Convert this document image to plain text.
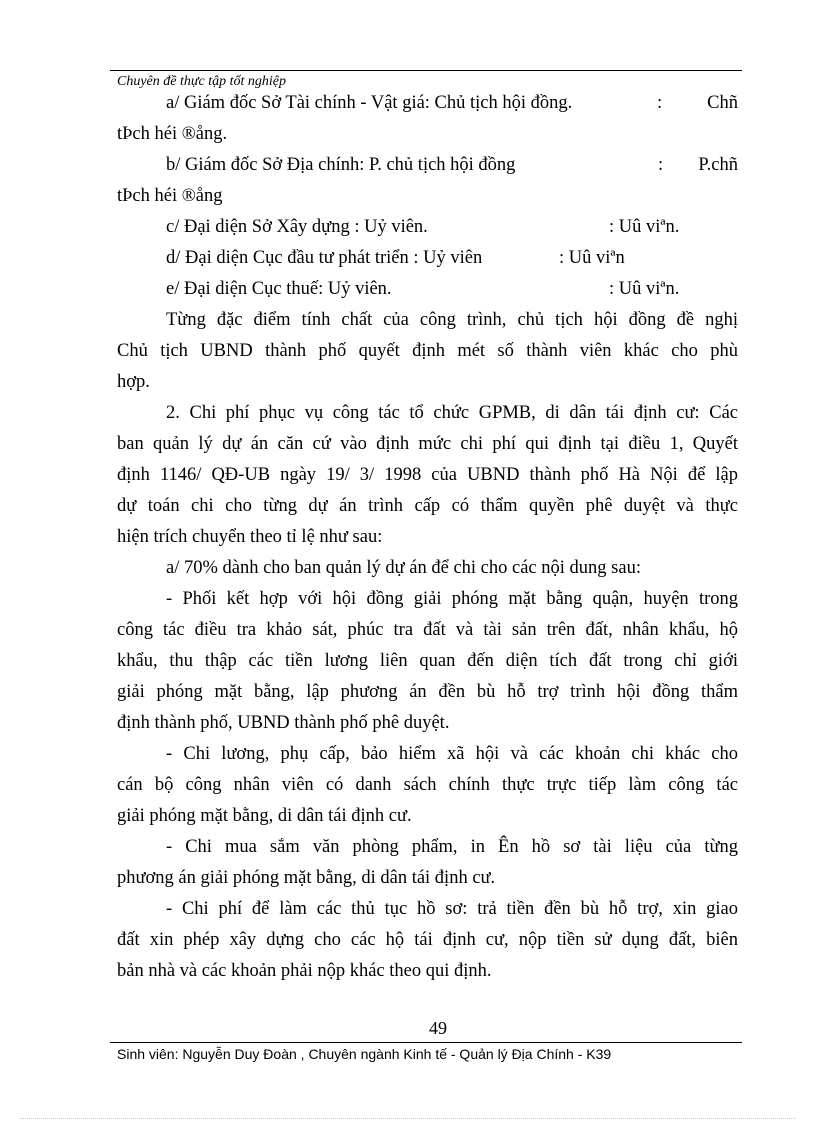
Chuyên đề thực tập tốt nghiệp
a/ Giám đốc Sở Tài chính - Vật giá: Chủ tịch hội đồng.	: Chñ
tÞch héi ®ång.
b/ Giám đốc Sở Địa chính: P. chủ tịch hội đồng	: P.chñ
tÞch héi ®ång
c/ Đại diện Sở Xây dựng : Uỷ viên.	: Uû viªn.
d/ Đại diện Cục đầu tư phát triển : Uỷ viên	: Uû viªn
e/ Đại diện Cục thuế: Uỷ viên.	: Uû viªn.
Từng đặc điểm tính chất của công trình, chủ tịch hội đồng đề nghị
Chủ tịch UBND thành phố quyết định mét số thành viên khác cho phù
hợp.
2. Chi phí phục vụ công tác tổ chức GPMB, di dân tái định cư: Các
ban quản lý dự án căn cứ vào định mức chi phí qui định tại điều 1, Quyết
định 1146/ QĐ-UB ngày 19/ 3/ 1998 của UBND thành phố Hà Nội để lập
dự toán chi cho từng dự án trình cấp có thẩm quyền phê duyệt và thực
hiện trích chuyển theo tỉ lệ như sau:
a/ 70% dành cho ban quản lý dự án để chi cho các nội dung sau:
- Phối kết hợp với hội đồng giải phóng mặt bằng quận, huyện trong
công tác điều tra khảo sát, phúc tra đất và tài sản trên đất, nhân khẩu, hộ
khẩu, thu thập các tiền lương liên quan đến diện tích đất trong chỉ giới
giải phóng mặt bằng, lập phương án đền bù hỗ trợ trình hội đồng thẩm
định thành phố, UBND thành phố phê duyệt.
- Chi lương, phụ cấp, bảo hiểm xã hội và các khoản chi khác cho
cán bộ công nhân viên có danh sách chính thực trực tiếp làm công tác
giải phóng mặt bằng, di dân tái định cư.
- Chi mua sắm văn phòng phẩm, in Ên hồ sơ tài liệu của từng
phương án giải phóng mặt bằng, di dân tái định cư.
- Chi phí để làm các thủ tục hồ sơ: trả tiền đền bù hỗ trợ, xin giao
đất xin phép xây dựng cho các hộ tái định cư, nộp tiền sử dụng đất, biên
bản nhà và các khoản phải nộp khác theo qui định.
49
Sinh viên: Nguyễn Duy Đoàn , Chuyên ngành Kinh tế - Quản lý Địa Chính - K39
